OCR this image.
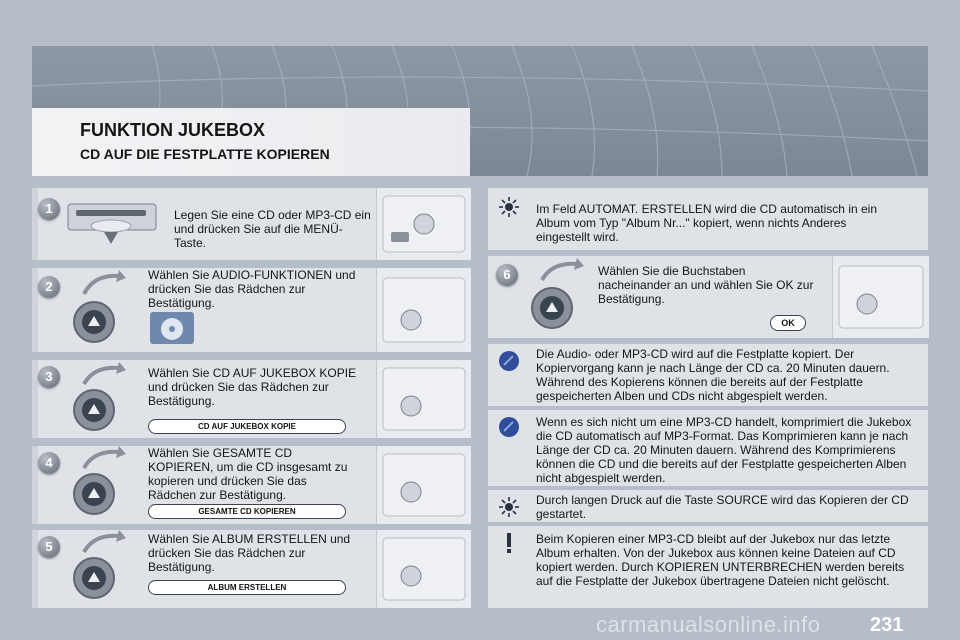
FUNKTION JUKEBOX
CD AUF DIE FESTPLATTE KOPIEREN
1	Legen Sie eine CD oder MP3-CD ein und drücken Sie auf die MENÜ-Taste.
2
Wählen Sie AUDIO-FUNKTIONEN und drücken Sie das Rädchen zur Bestätigung.
3	Wählen Sie CD AUF JUKEBOX KOPIE und drücken Sie das Rädchen zur Bestätigung.
CD AUF JUKEBOX KOPIE
4
Wählen Sie GESAMTE CD KOPIEREN, um die CD insgesamt zu kopieren und drücken Sie das Rädchen zur Bestätigung.
GESAMTE CD KOPIEREN
5	Wählen Sie ALBUM ERSTELLEN und drücken Sie das Rädchen zur Bestätigung.
ALBUM ERSTELLEN
Im Feld AUTOMAT. ERSTELLEN wird die CD automatisch in ein Album vom Typ "Album Nr..." kopiert, wenn nichts Anderes eingestellt wird.
6	Wählen Sie die Buchstaben nacheinander an und wählen Sie OK zur Bestätigung.
OK
Die Audio- oder MP3-CD wird auf die Festplatte kopiert. Der Kopiervorgang kann je nach Länge der CD ca. 20 Minuten dauern. Während des Kopierens können die bereits auf der Festplatte gespeicherten Alben und CDs nicht abgespielt werden.
Wenn es sich nicht um eine MP3-CD handelt, komprimiert die Jukebox die CD automatisch auf MP3-Format. Das Komprimieren kann je nach Länge der CD ca. 20 Minuten dauern. Während des Komprimierens können die CD und die bereits auf der Festplatte gespeicherten Alben nicht abgespielt werden.
Durch langen Druck auf die Taste SOURCE wird das Kopieren der CD gestartet.
Beim Kopieren einer MP3-CD bleibt auf der Jukebox nur das letzte Album erhalten. Von der Jukebox aus können keine Dateien auf CD kopiert werden. Durch KOPIEREN UNTERBRECHEN werden bereits auf die Festplatte der Jukebox übertragene Dateien nicht gelöscht.
carmanualsonline.info 231
